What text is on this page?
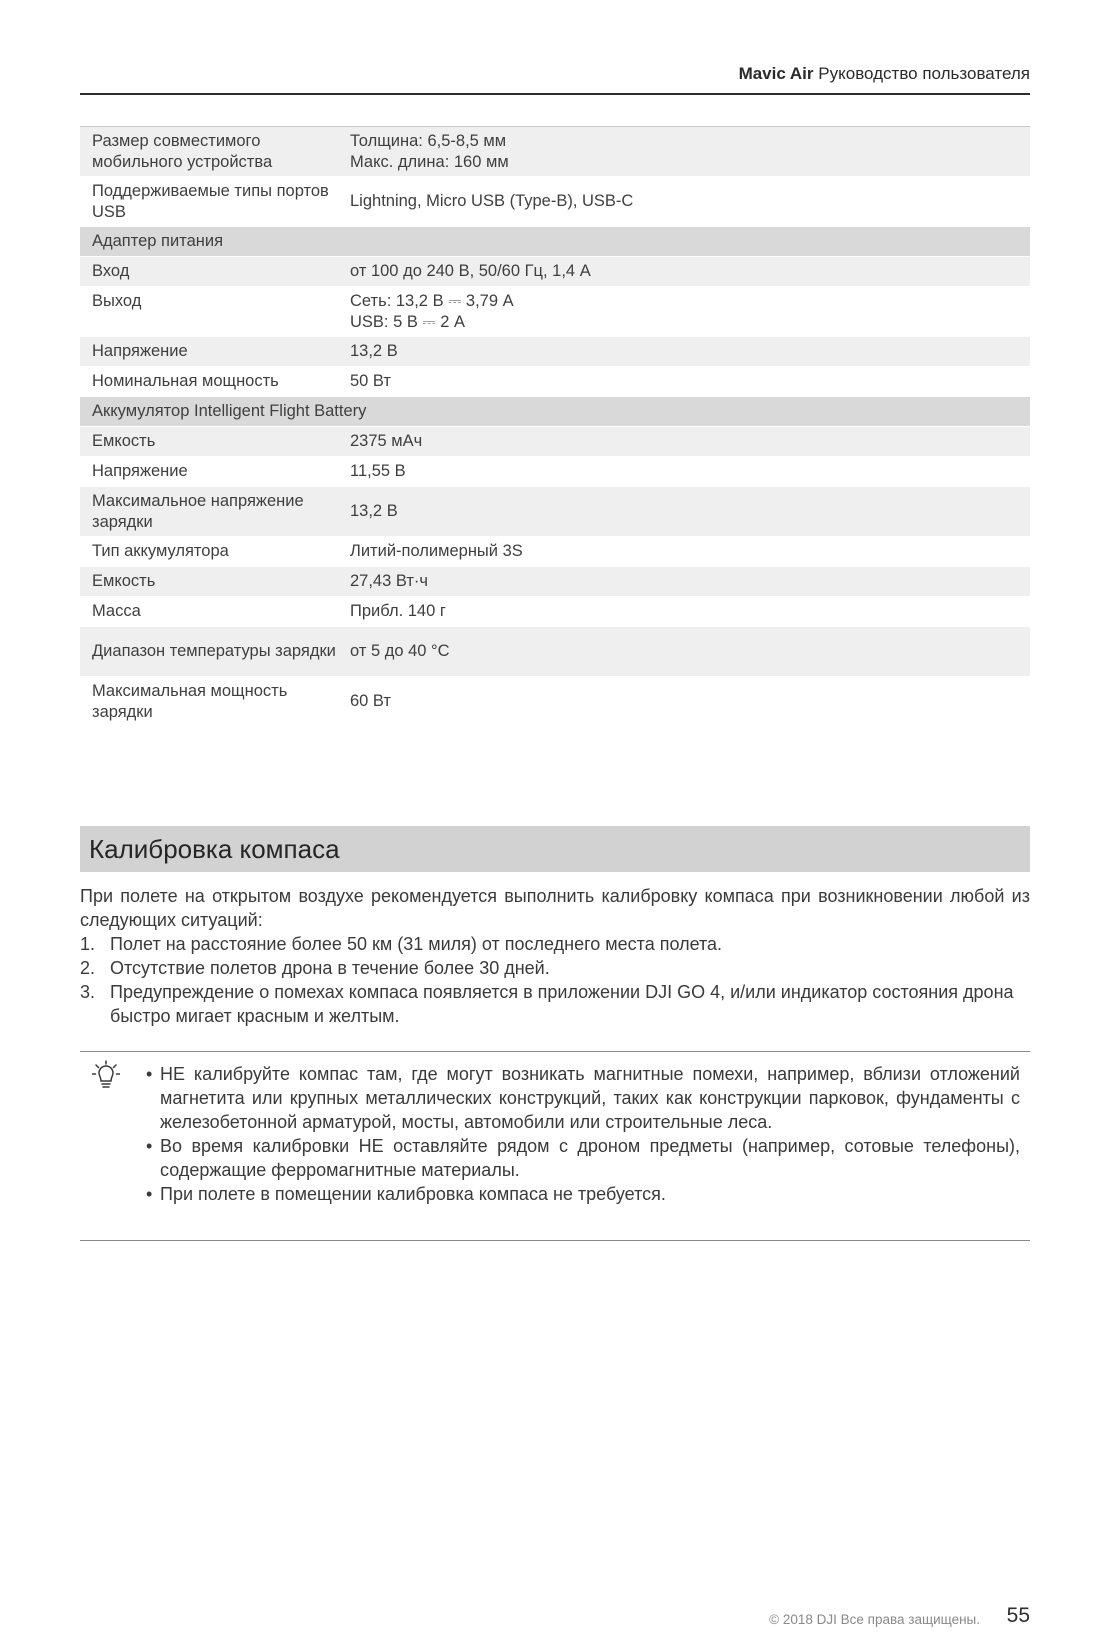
Mavic Air Руководство пользователя
Размер совместимого мобильного устройства	Толщина: 6,5-8,5 мм
Макс. длина: 160 мм

Поддерживаемые типы портов USB	Lightning, Micro USB (Type-B), USB-C

Адаптер питания	
Вход	от 100 до 240 В, 50/60 Гц, 1,4 А
Выход	Сеть: 13,2 В ⎓ 3,79 А
USB: 5 В ⎓ 2 А

Напряжение	13,2 В
Номинальная мощность	50 Вт
Аккумулятор Intelligent Flight Battery	
Емкость	2375 мАч
Напряжение	11,55 В
Максимальное напряжение зарядки	13,2 В
Тип аккумулятора	Литий-полимерный 3S
Емкость	27,43 Вт·ч
Масса	Прибл. 140 г
Диапазон температуры зарядки	от 5 до 40 °C
Максимальная мощность зарядки	60 Вт
Калибровка компаса
При полете на открытом воздухе рекомендуется выполнить калибровку компаса при возникновении любой из следующих ситуаций:
1. Полет на расстояние более 50 км (31 миля) от последнего места полета.
2. Отсутствие полетов дрона в течение более 30 дней.
3. Предупреждение о помехах компаса появляется в приложении DJI GO 4, и/или индикатор состояния дрона быстро мигает красным и желтым.
• НЕ калибруйте компас там, где могут возникать магнитные помехи, например, вблизи отложений магнетита или крупных металлических конструкций, таких как конструкции парковок, фундаменты с железобетонной арматурой, мосты, автомобили или строительные леса.
• Во время калибровки НЕ оставляйте рядом с дроном предметы (например, сотовые телефоны), содержащие ферромагнитные материалы.
• При полете в помещении калибровка компаса не требуется.
© 2018 DJI Все права защищены.	55
